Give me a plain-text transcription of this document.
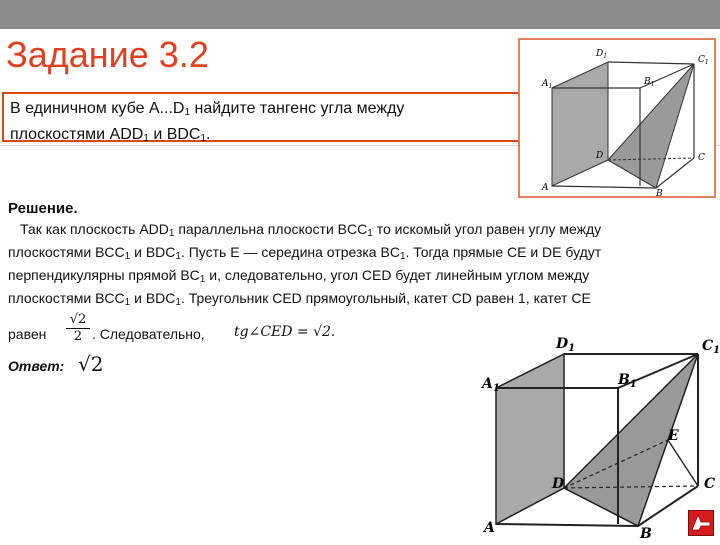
Задание 3.2
В единичном кубе $A...D_1$ найдите тангенс угла между
плоскостями $ADD_1$ и $BDC_1$.
$D_1$	$C_1$
$A_1$	$B_1$
D	C
A
B
Решение.

Так как плоскость $ADD_1$ параллельна плоскости $BCC_1$ то искомый угол равен углу между

плоскостями $BCC_1$ и $BDC_1$. Пусть E — середина отрезка $BC_1$. Тогда прямые CE и DE будут

перпендикулярны прямой $BC_1$ и, следовательно, угол CED будет линейным углом между

плоскостями $BCC_1$ и $BDC_1$. Треугольник CED прямоугольный, катет CD равен 1, катет CE

равен $\frac{√2}{2}$ . Следовательно, tg∠CED = √2.
Ответ: √2
$D_1$	$C_1$
$A_1$
$B_1$
E
D	C
A	B
